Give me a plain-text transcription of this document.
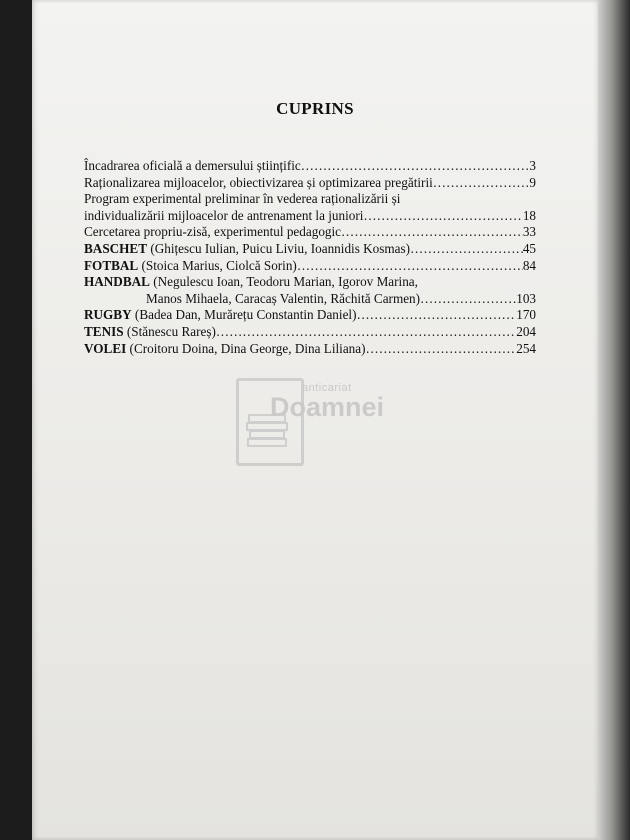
CUPRINS
Încadrarea oficială a demersului științific …………………………………………………………………………………………………………………	3
Raționalizarea mijloacelor, obiectivizarea și optimizarea pregătirii …………………………………………………………………………………………………………………	9
Program experimental preliminar în vederea raționalizării și
individualizării mijloacelor de antrenament la juniori …………………………………………………………………………………………………………………	18
Cercetarea propriu-zisă, experimentul pedagogic …………………………………………………………………………………………………………………	33
BASCHET (Ghițescu Iulian, Puicu Liviu, Ioannidis Kosmas) …………………………………………………………………………………………………………………	45
FOTBAL (Stoica Marius, Ciolcă Sorin) …………………………………………………………………………………………………………………	84
HANDBAL (Negulescu Ioan, Teodoru Marian, Igorov Marina,
Manos Mihaela, Caracaș Valentin, Răchită Carmen) …………………………………………………………………………………………………………………	103
RUGBY (Badea Dan, Murărețu Constantin Daniel) …………………………………………………………………………………………………………………	170
TENIS (Stănescu Rareș) …………………………………………………………………………………………………………………	204
VOLEI (Croitoru Doina, Dina George, Dina Liliana) …………………………………………………………………………………………………………………	254
anticariat
Doamnei
